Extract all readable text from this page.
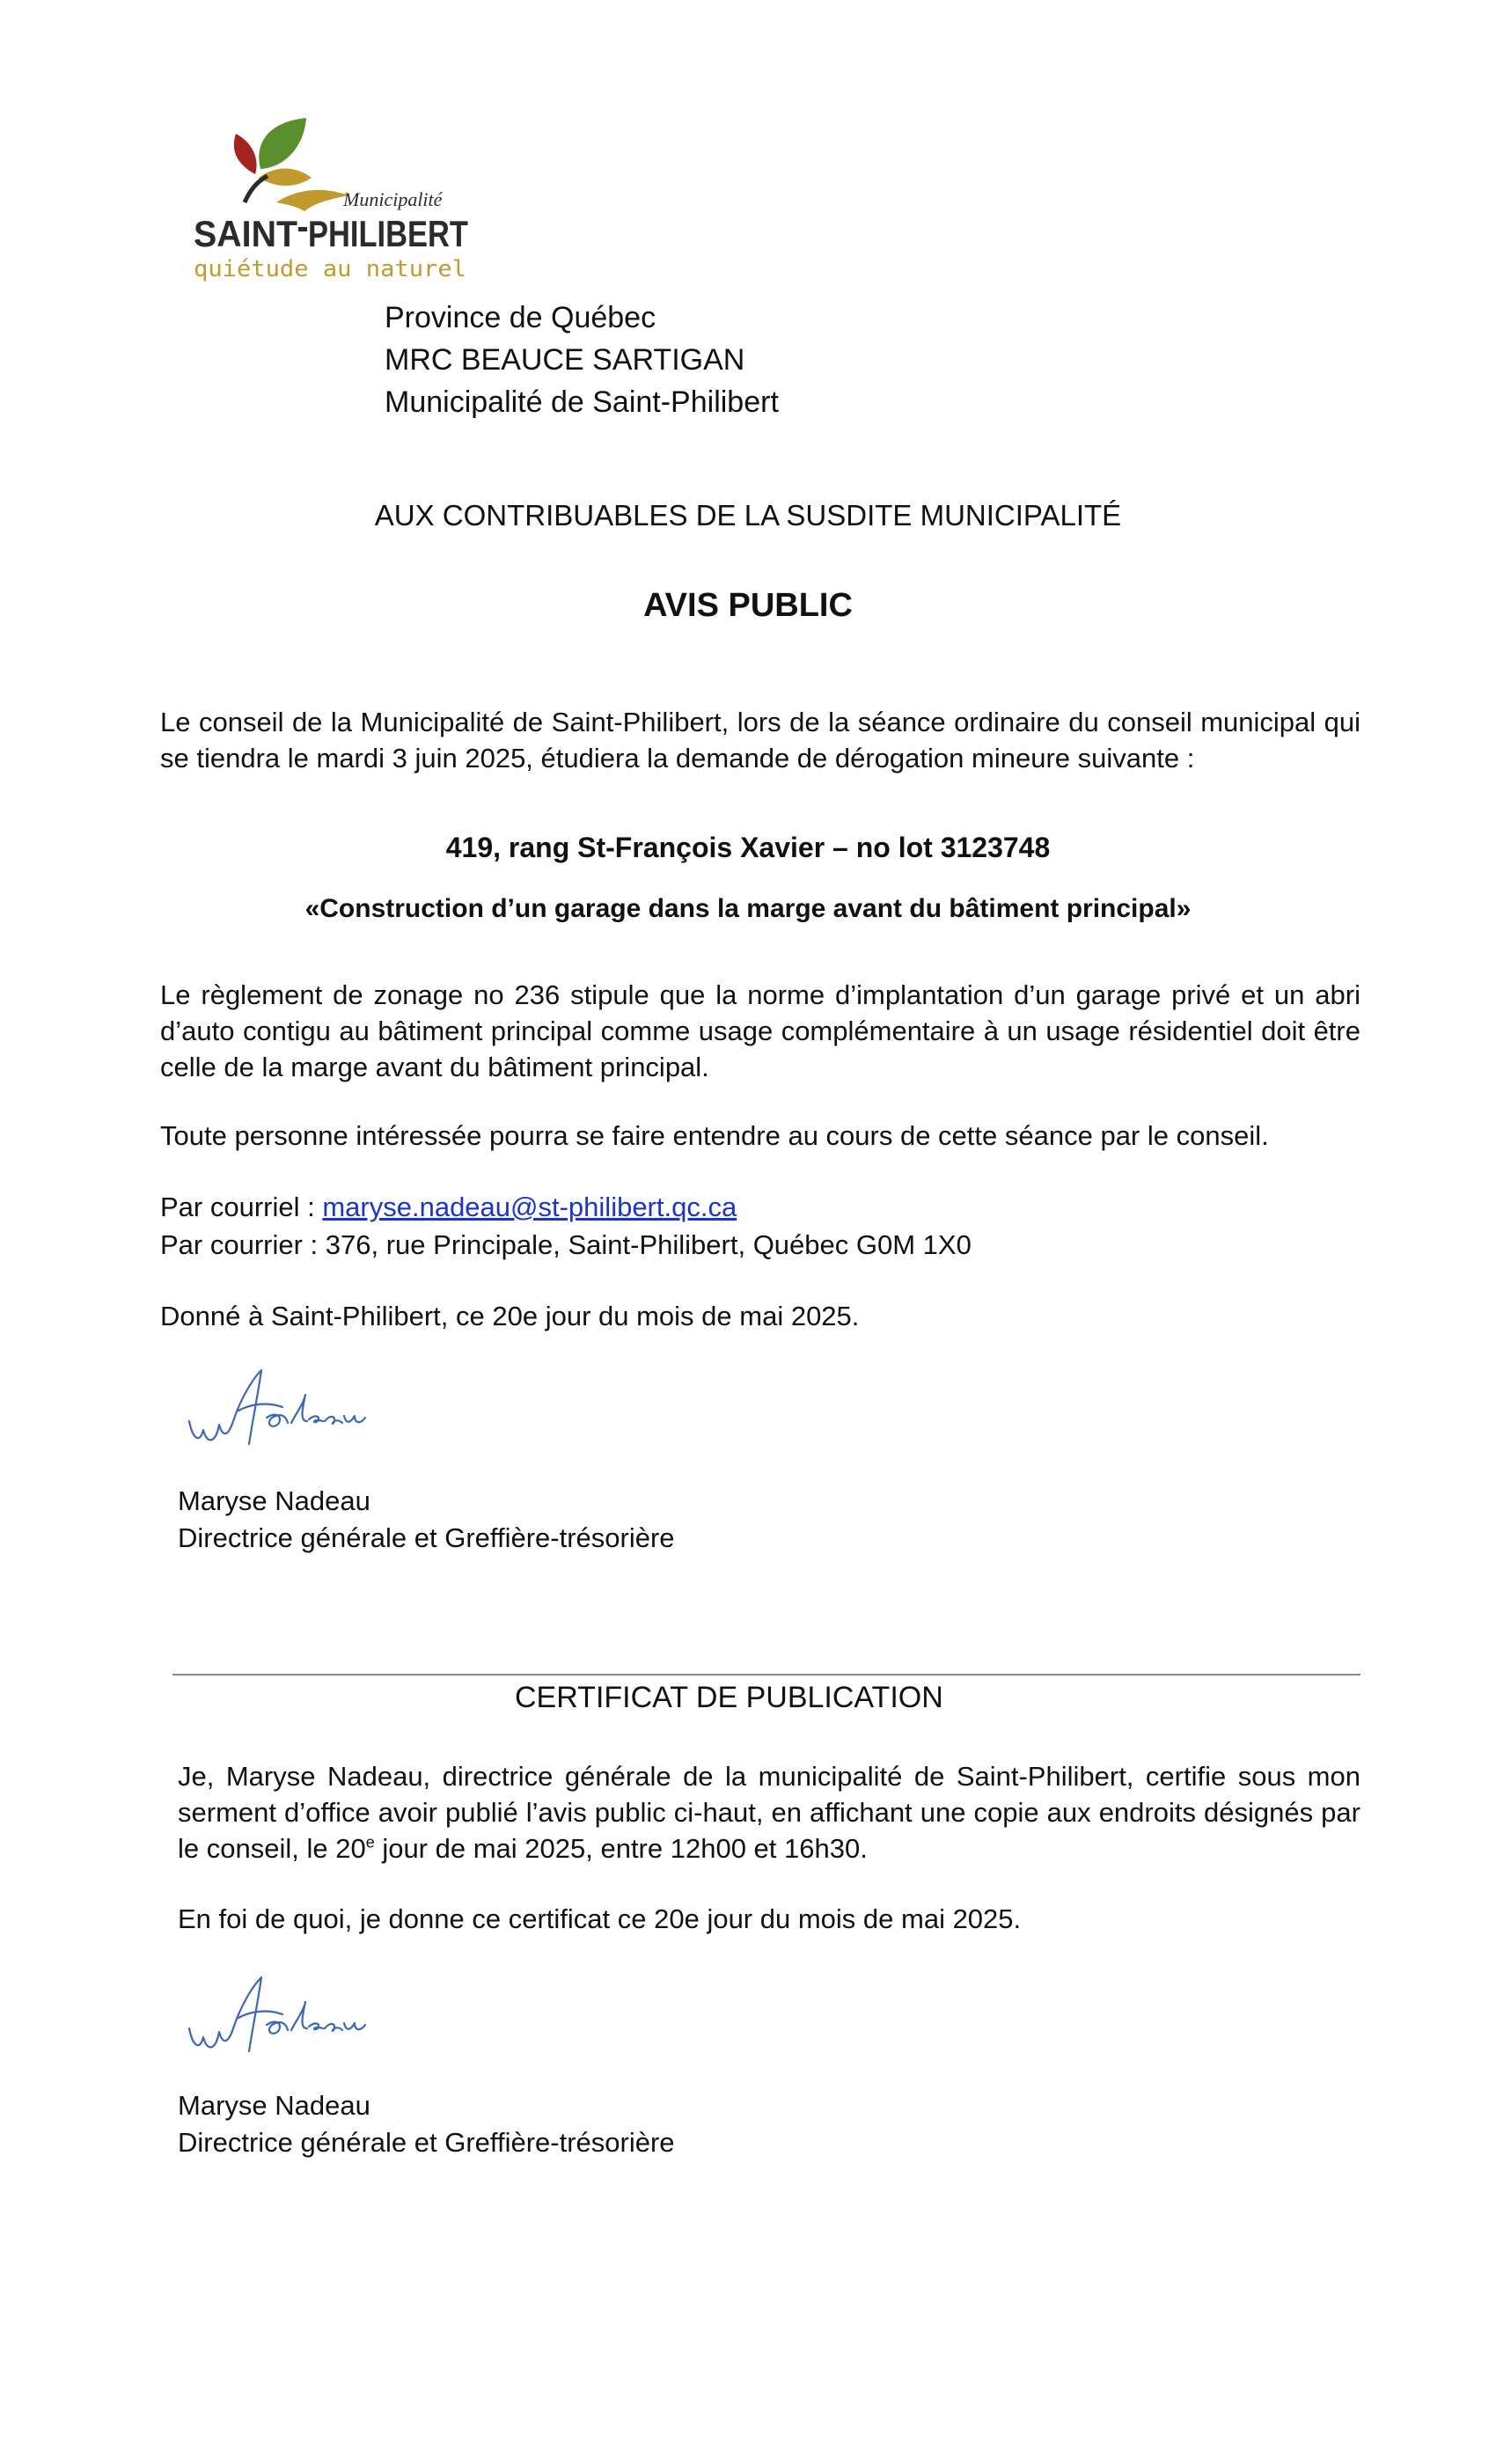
Municipalité
SAINT PHILIBERT
quiétude au naturel
Province de Québec
MRC BEAUCE SARTIGAN
Municipalité de Saint-Philibert
AUX CONTRIBUABLES DE LA SUSDITE MUNICIPALITÉ
AVIS PUBLIC
Le conseil de la Municipalité de Saint-Philibert, lors de la séance ordinaire du conseil municipal qui se tiendra le mardi 3 juin 2025, étudiera la demande de dérogation mineure suivante :
419, rang St-François Xavier – no lot 3123748
«Construction d’un garage dans la marge avant du bâtiment principal»
Le règlement de zonage no 236 stipule que la norme d’implantation d’un garage privé et un abri d’auto contigu au bâtiment principal comme usage complémentaire à un usage résidentiel doit être celle de la marge avant du bâtiment principal.
Toute personne intéressée pourra se faire entendre au cours de cette séance par le conseil.
Par courriel : maryse.nadeau@st-philibert.qc.ca
Par courrier : 376, rue Principale, Saint-Philibert, Québec G0M 1X0
Donné à Saint-Philibert, ce 20e jour du mois de mai 2025.
Maryse Nadeau
Directrice générale et Greffière-trésorière
CERTIFICAT DE PUBLICATION
Je, Maryse Nadeau, directrice générale de la municipalité de Saint-Philibert, certifie sous mon serment d’office avoir publié l’avis public ci-haut, en affichant une copie aux endroits désignés par le conseil, le 20e jour de mai 2025, entre 12h00 et 16h30.
En foi de quoi, je donne ce certificat ce 20e jour du mois de mai 2025.
Maryse Nadeau
Directrice générale et Greffière-trésorière
